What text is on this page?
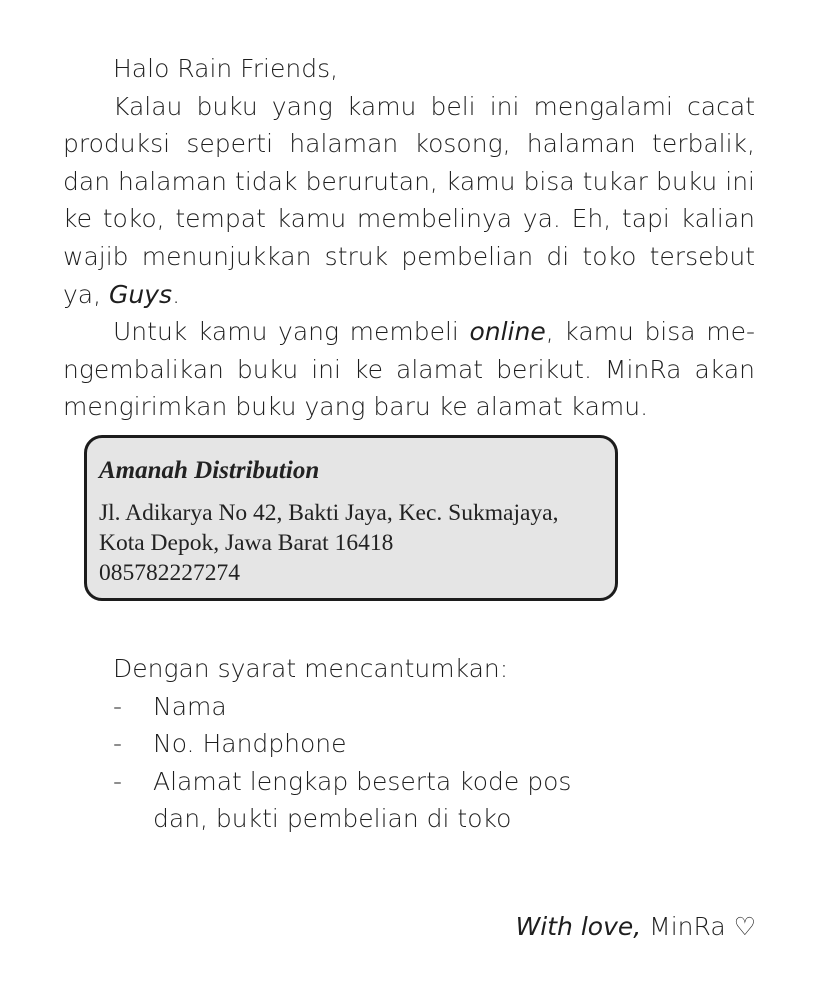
Halo Rain Friends,

Kalau buku yang kamu beli ini mengalami cacat produksi seperti halaman kosong, halaman terbalik, dan halaman tidak berurutan, kamu bisa tukar buku ini ke toko, tempat kamu membelinya ya. Eh, tapi kalian wajib menunjukkan struk pembelian di toko tersebut ya, Guys.

Untuk kamu yang membeli online, kamu bisa mengembalikan buku ini ke alamat berikut. MinRa akan mengirimkan buku yang baru ke alamat kamu.

Amanah Distribution
Jl. Adikarya No 42, Bakti Jaya, Kec. Sukmajaya,
Kota Depok, Jawa Barat 16418
085782227274
Dengan syarat mencantumkan:
- Nama
- No. Handphone
- Alamat lengkap beserta kode pos dan, bukti pembelian di toko
With love, MinRa ♡
